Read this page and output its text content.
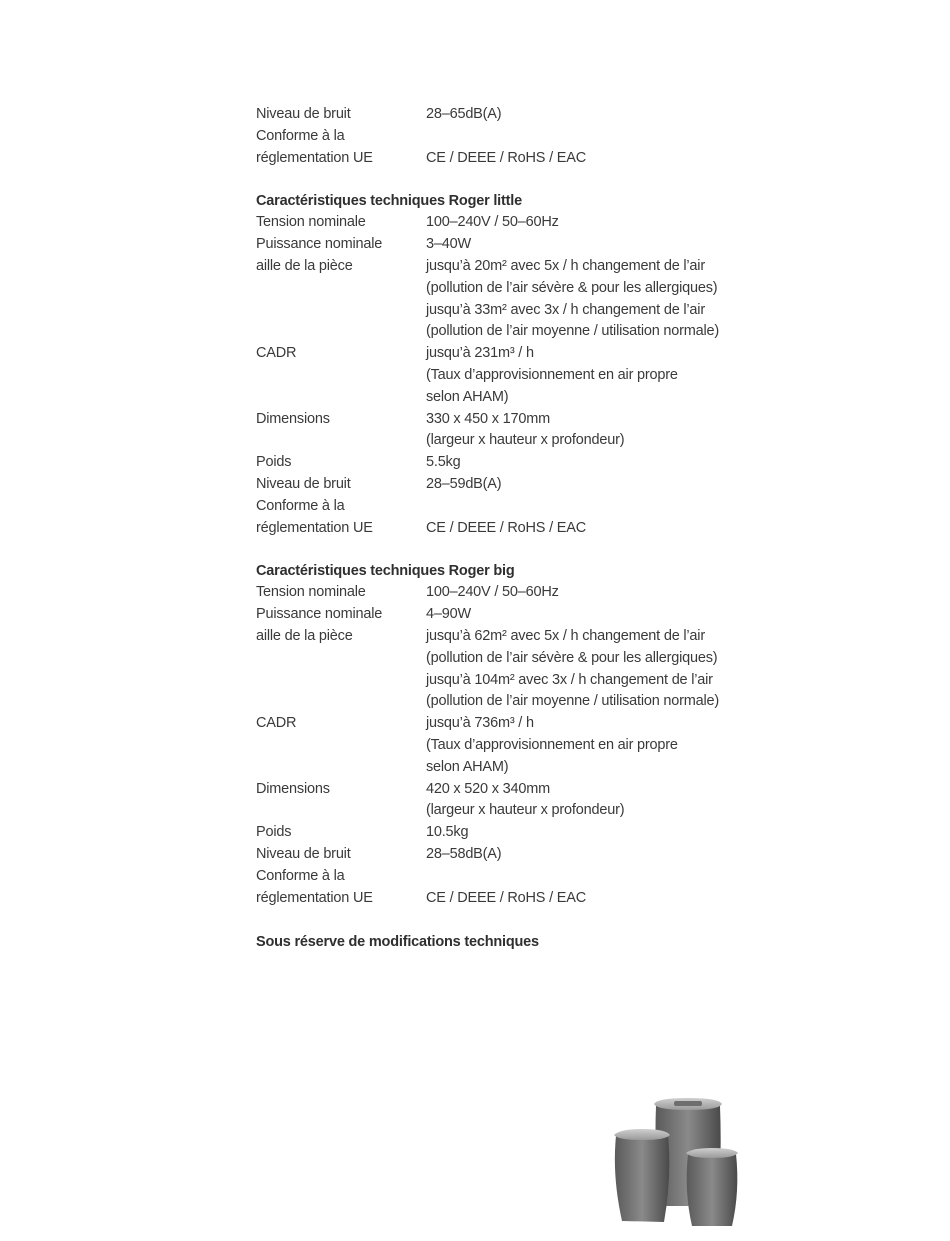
Niveau de bruit	28–65dB(A)
Conforme à la
réglementation UE	CE / DEEE / RoHS / EAC
Caractéristiques techniques Roger little
Tension nominale	100–240V / 50–60Hz
Puissance nominale	3–40W
aille de la pièce	jusqu’à 20m² avec 5x / h changement de l’air
(pollution de l’air sévère & pour les allergiques)
jusqu’à 33m² avec 3x / h changement de l’air
(pollution de l’air moyenne / utilisation normale)
CADR	jusqu’à 231m³ / h
(Taux d’approvisionnement en air propre
selon AHAM)
Dimensions	330 x 450 x 170mm
(largeur x hauteur x profondeur)
Poids	5.5kg
Niveau de bruit	28–59dB(A)
Conforme à la
réglementation UE	CE / DEEE / RoHS / EAC
Caractéristiques techniques Roger big
Tension nominale	100–240V / 50–60Hz
Puissance nominale	4–90W
aille de la pièce	jusqu’à 62m² avec 5x / h changement de l’air
(pollution de l’air sévère & pour les allergiques)
jusqu’à 104m² avec 3x / h changement de l’air
(pollution de l’air moyenne / utilisation normale)
CADR	jusqu’à 736m³ / h
(Taux d’approvisionnement en air propre
selon AHAM)
Dimensions	420 x 520 x 340mm
(largeur x hauteur x profondeur)
Poids	10.5kg
Niveau de bruit	28–58dB(A)
Conforme à la
réglementation UE	CE / DEEE / RoHS / EAC
Sous réserve de modifications techniques
